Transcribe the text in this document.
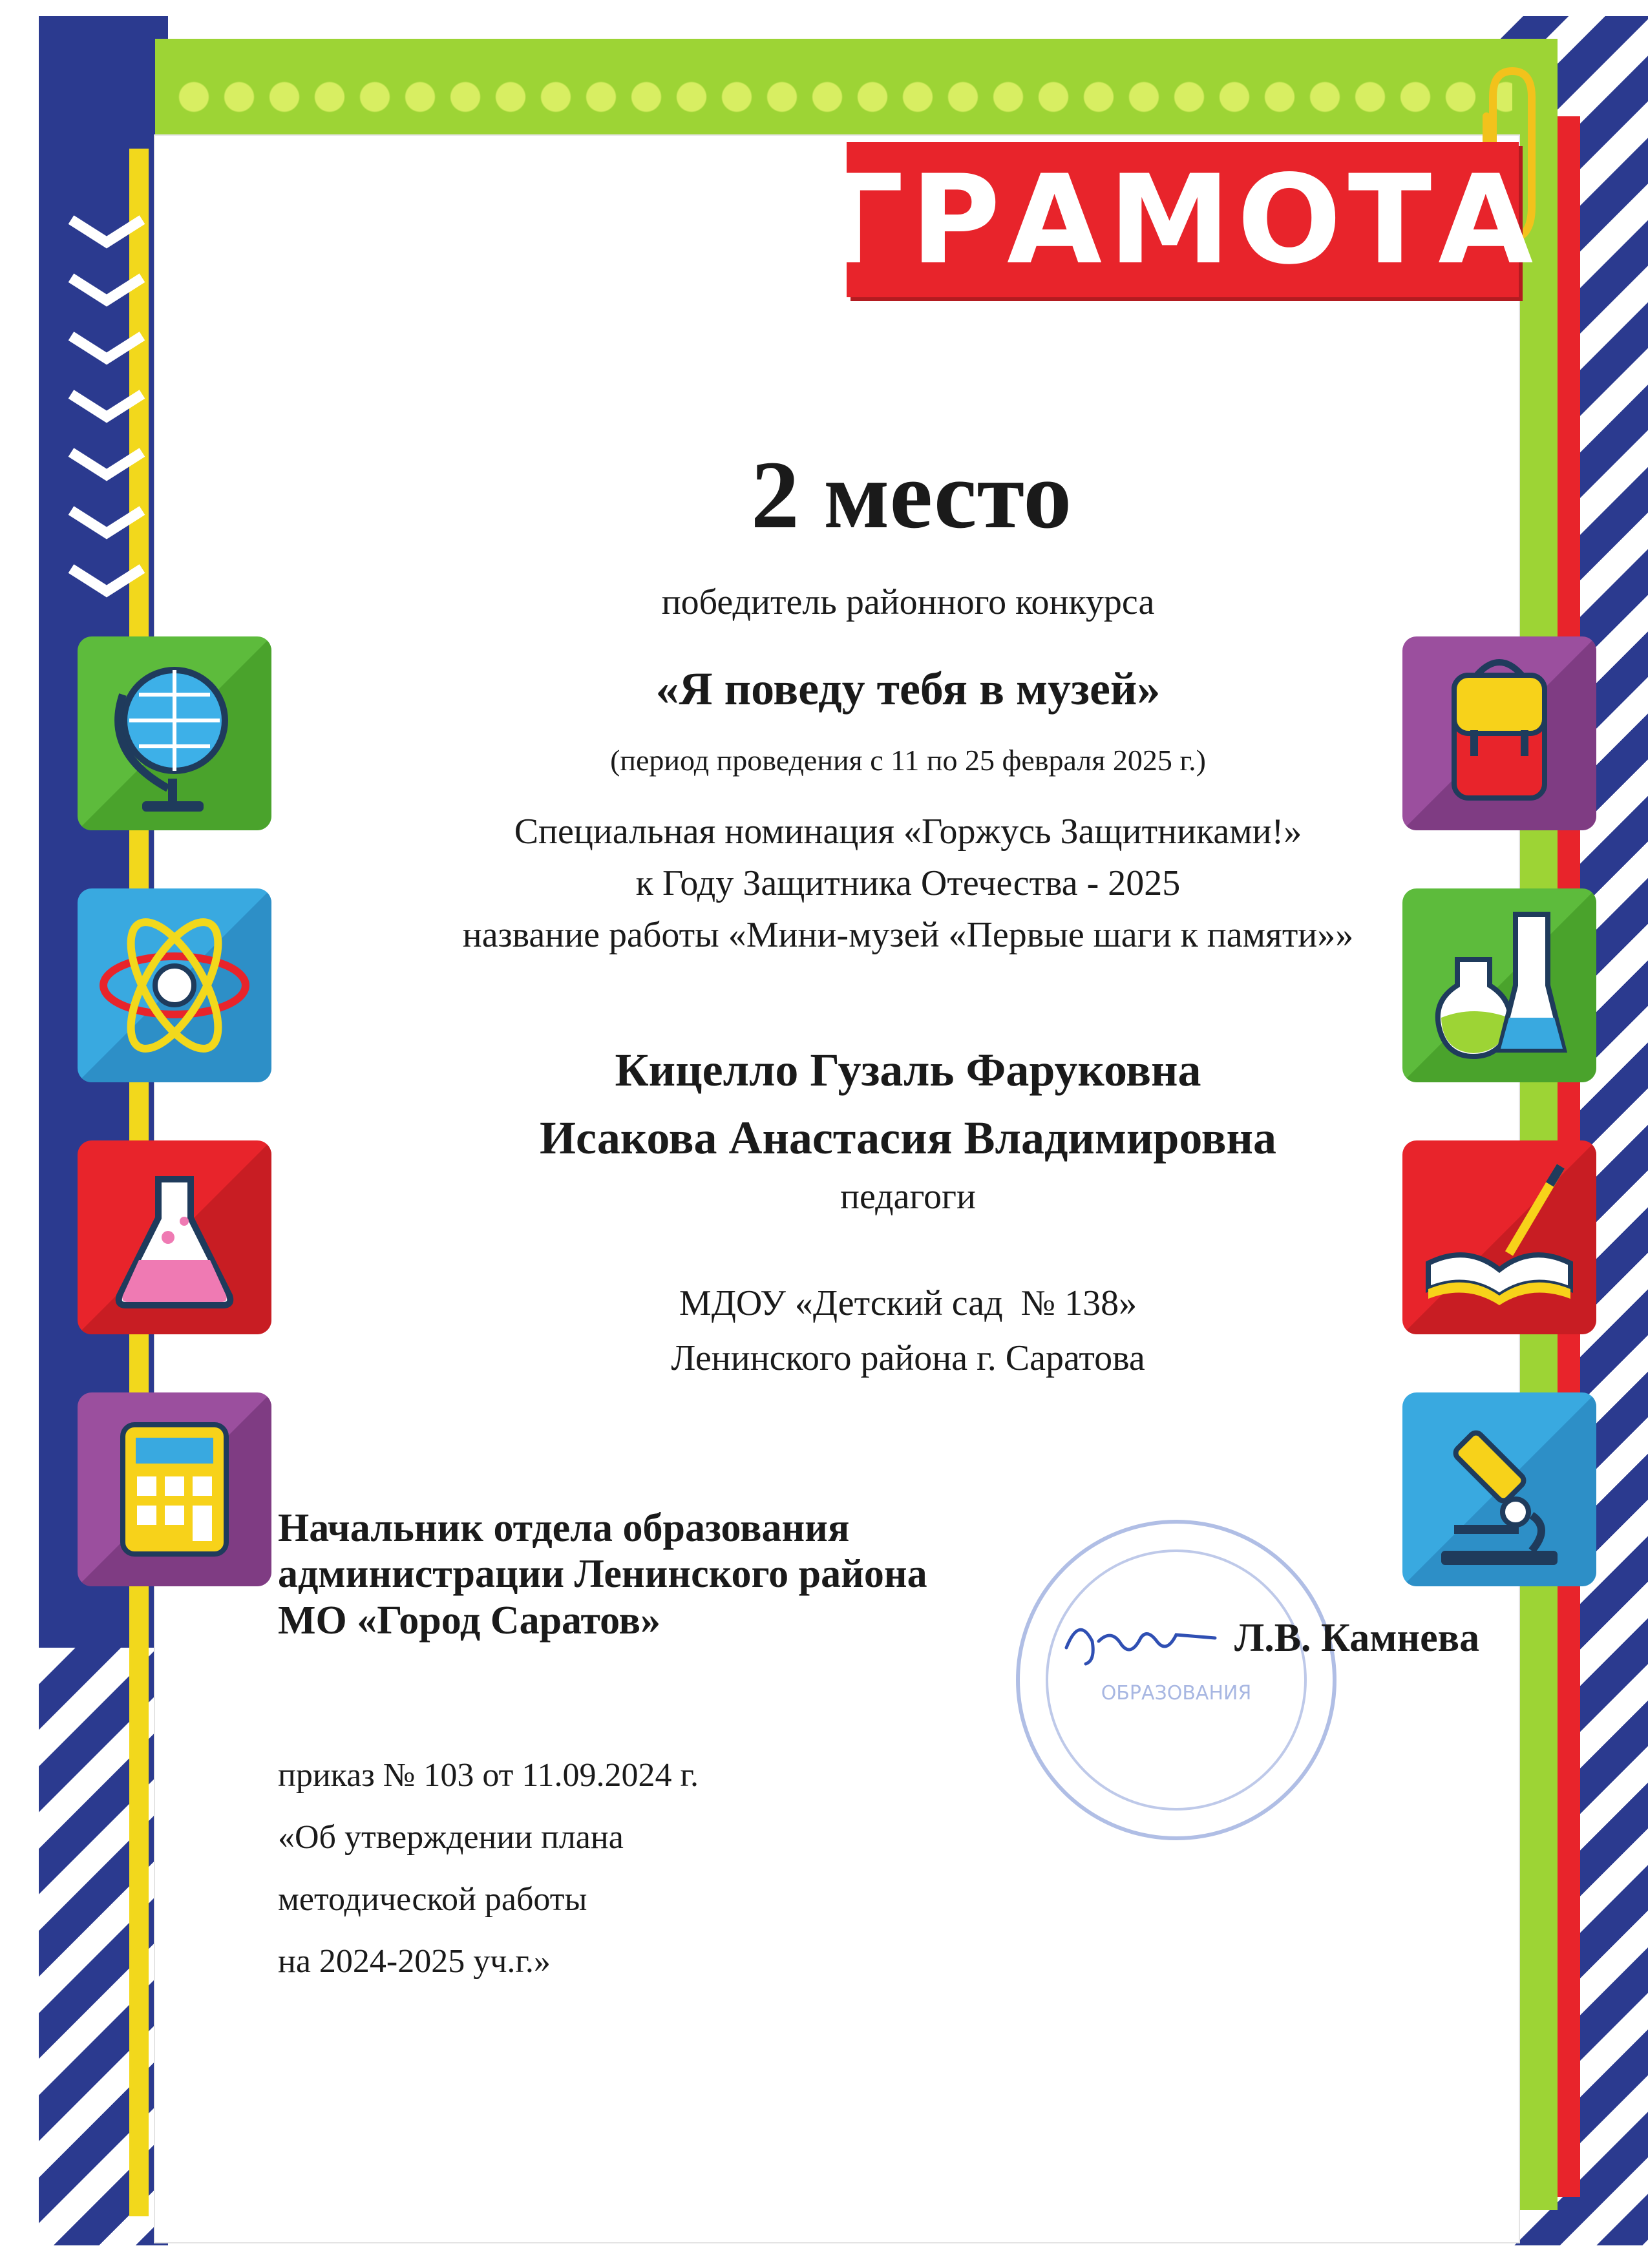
ГРАМОТА
2 место
победитель районного конкурса
«Я поведу тебя в музей»
(период проведения с 11 по 25 февраля 2025 г.)
Специальная номинация «Горжусь Защитниками!»
к Году Защитника Отечества - 2025
название работы «Мини-музей «Первые шаги к памяти»»
Кицелло Гузаль Фаруковна
Исакова Анастасия Владимировна
педагоги
МДОУ «Детский сад  № 138»
Ленинского района г. Саратова
ОБРАЗОВАНИЯ
Начальник отдела образования
администрации Ленинского района
МО «Город Саратов»	Л.В. Камнева
приказ № 103 от 11.09.2024 г.
«Об утверждении плана
методической работы
на 2024-2025 уч.г.»
